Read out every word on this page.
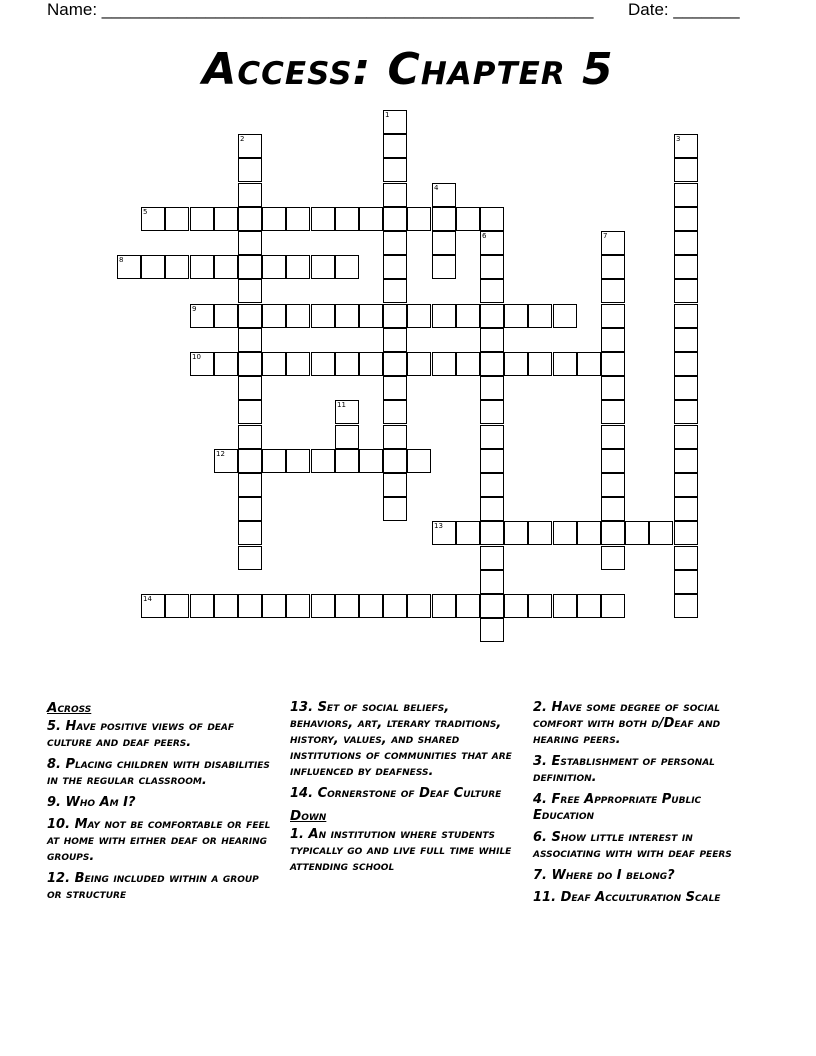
Name: ____________________________________________________ Date: _______
Access: Chapter 5
1
2	3
4
5
6	7
8
9
10
11
12
13
14
Across
5. Have positive views of deaf culture and deaf peers.
8. Placing children with disabilities in the regular classroom.
9. Who Am I?
10. May not be comfortable or feel at home with either deaf or hearing groups.
12. Being included within a group or structure
13. Set of social beliefs, behaviors, art, lterary traditions, history, values, and shared institutions of communities that are influenced by deafness.
14. Cornerstone of Deaf Culture
Down
1. An institution where students typically go and live full time while attending school
2. Have some degree of social comfort with both d/Deaf and hearing peers.
3. Establishment of personal definition.
4. Free Appropriate Public Education
6. Show little interest in associating with with deaf peers
7. Where do I belong?
11. Deaf Acculturation Scale
